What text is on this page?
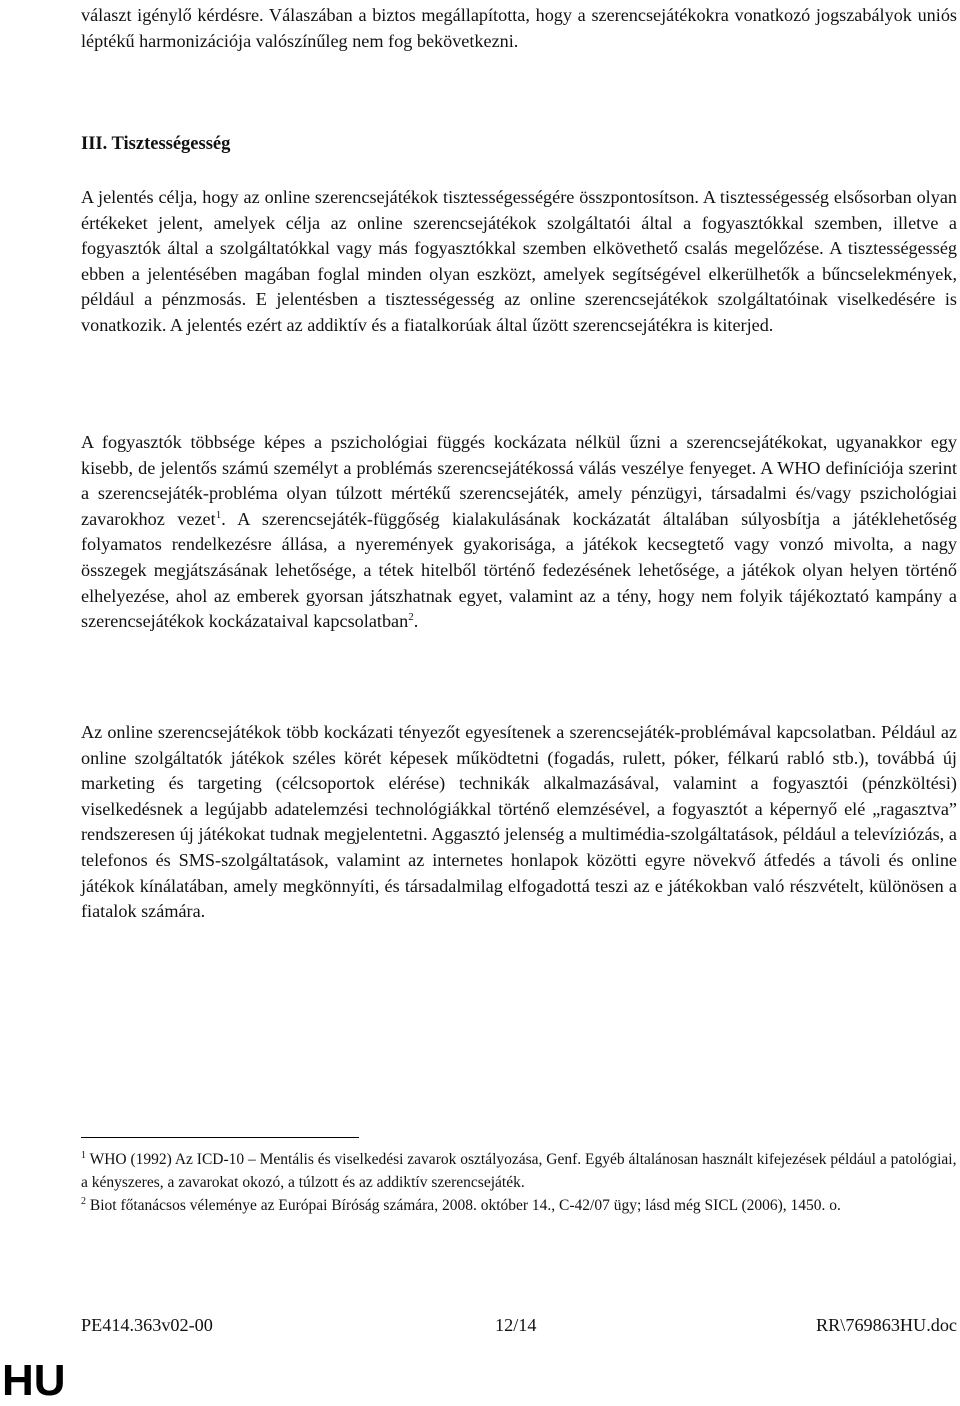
választ igénylő kérdésre. Válaszában a biztos megállapította, hogy a szerencsejátékokra vonatkozó jogszabályok uniós léptékű harmonizációja valószínűleg nem fog bekövetkezni.

III. Tisztességesség

A jelentés célja, hogy az online szerencsejátékok tisztességességére összpontosítson. A tisztességesség elsősorban olyan értékeket jelent, amelyek célja az online szerencsejátékok szolgáltatói által a fogyasztókkal szemben, illetve a fogyasztók által a szolgáltatókkal vagy más fogyasztókkal szemben elkövethető csalás megelőzése. A tisztességesség ebben a jelentésében magában foglal minden olyan eszközt, amelyek segítségével elkerülhetők a bűncselekmények, például a pénzmosás. E jelentésben a tisztességesség az online szerencsejátékok szolgáltatóinak viselkedésére is vonatkozik. A jelentés ezért az addiktív és a fiatalkorúak által űzött szerencsejátékra is kiterjed.

A fogyasztók többsége képes a pszichológiai függés kockázata nélkül űzni a szerencsejátékokat, ugyanakkor egy kisebb, de jelentős számú személyt a problémás szerencsejátékossá válás veszélye fenyeget. A WHO definíciója szerint a szerencsejáték-probléma olyan túlzott mértékű szerencsejáték, amely pénzügyi, társadalmi és/vagy pszichológiai zavarokhoz vezet$^1$. A szerencsejáték-függőség kialakulásának kockázatát általában súlyosbítja a játéklehetőség folyamatos rendelkezésre állása, a nyeremények gyakorisága, a játékok kecsegtető vagy vonzó mivolta, a nagy összegek megjátszásának lehetősége, a tétek hitelből történő fedezésének lehetősége, a játékok olyan helyen történő elhelyezése, ahol az emberek gyorsan játszhatnak egyet, valamint az a tény, hogy nem folyik tájékoztató kampány a szerencsejátékok kockázataival kapcsolatban$^2$.

Az online szerencsejátékok több kockázati tényezőt egyesítenek a szerencsejáték-problémával kapcsolatban. Például az online szolgáltatók játékok széles körét képesek működtetni (fogadás, rulett, póker, félkarú rabló stb.), továbbá új marketing és targeting (célcsoportok elérése) technikák alkalmazásával, valamint a fogyasztói (pénzköltési) viselkedésnek a legújabb adatelemzési technológiákkal történő elemzésével, a fogyasztót a képernyő elé „ragasztva” rendszeresen új játékokat tudnak megjelentetni. Aggasztó jelenség a multimédia-szolgáltatások, például a televíziózás, a telefonos és SMS-szolgáltatások, valamint az internetes honlapok közötti egyre növekvő átfedés a távoli és online játékok kínálatában, amely megkönnyíti, és társadalmilag elfogadottá teszi az e játékokban való részvételt, különösen a fiatalok számára.

$^1$ WHO (1992) Az ICD-10 – Mentális és viselkedési zavarok osztályozása, Genf. Egyéb általánosan használt kifejezések például a patológiai, a kényszeres, a zavarokat okozó, a túlzott és az addiktív szerencsejáték.

$^2$ Biot főtanácsos véleménye az Európai Bíróság számára, 2008. október 14., C-42/07 ügy; lásd még SICL (2006), 1450. o.

PE414.363v02-00	12/14	RR\769863HU.doc
HU
